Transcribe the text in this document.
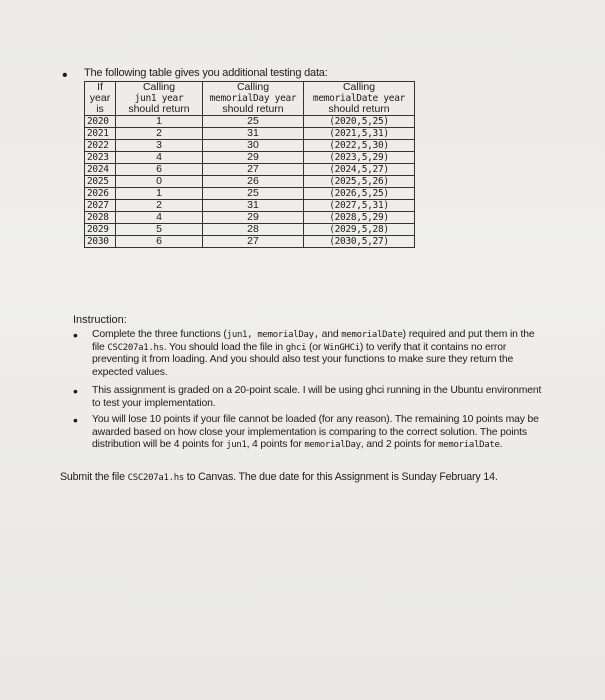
• The following table gives you additional testing data:
If	Calling	Calling	Calling
year	jun1 year	memorialDay year	memorialDate year
is	should return	should return	should return
2020	1	25	(2020,5,25)
2021	2	31	(2021,5,31)
2022	3	30	(2022,5,30)
2023	4	29	(2023,5,29)
2024	6	27	(2024,5,27)
2025	0	26	(2025,5,26)
2026	1	25	(2026,5,25)
2027	2	31	(2027,5,31)
2028	4	29	(2028,5,29)
2029	5	28	(2029,5,28)
2030	6	27	(2030,5,27)
Instruction:
• Complete the three functions (jun1, memorialDay, and memorialDate) required and put them in the file CSC207a1.hs. You should load the file in ghci (or WinGHCi) to verify that it contains no error preventing it from loading. And you should also test your functions to make sure they return the expected values.
• This assignment is graded on a 20-point scale. I will be using ghci running in the Ubuntu environment to test your implementation.
• You will lose 10 points if your file cannot be loaded (for any reason). The remaining 10 points may be awarded based on how close your implementation is comparing to the correct solution. The points distribution will be 4 points for jun1, 4 points for memorialDay, and 2 points for memorialDate.
Submit the file CSC207a1.hs to Canvas. The due date for this Assignment is Sunday February 14.
